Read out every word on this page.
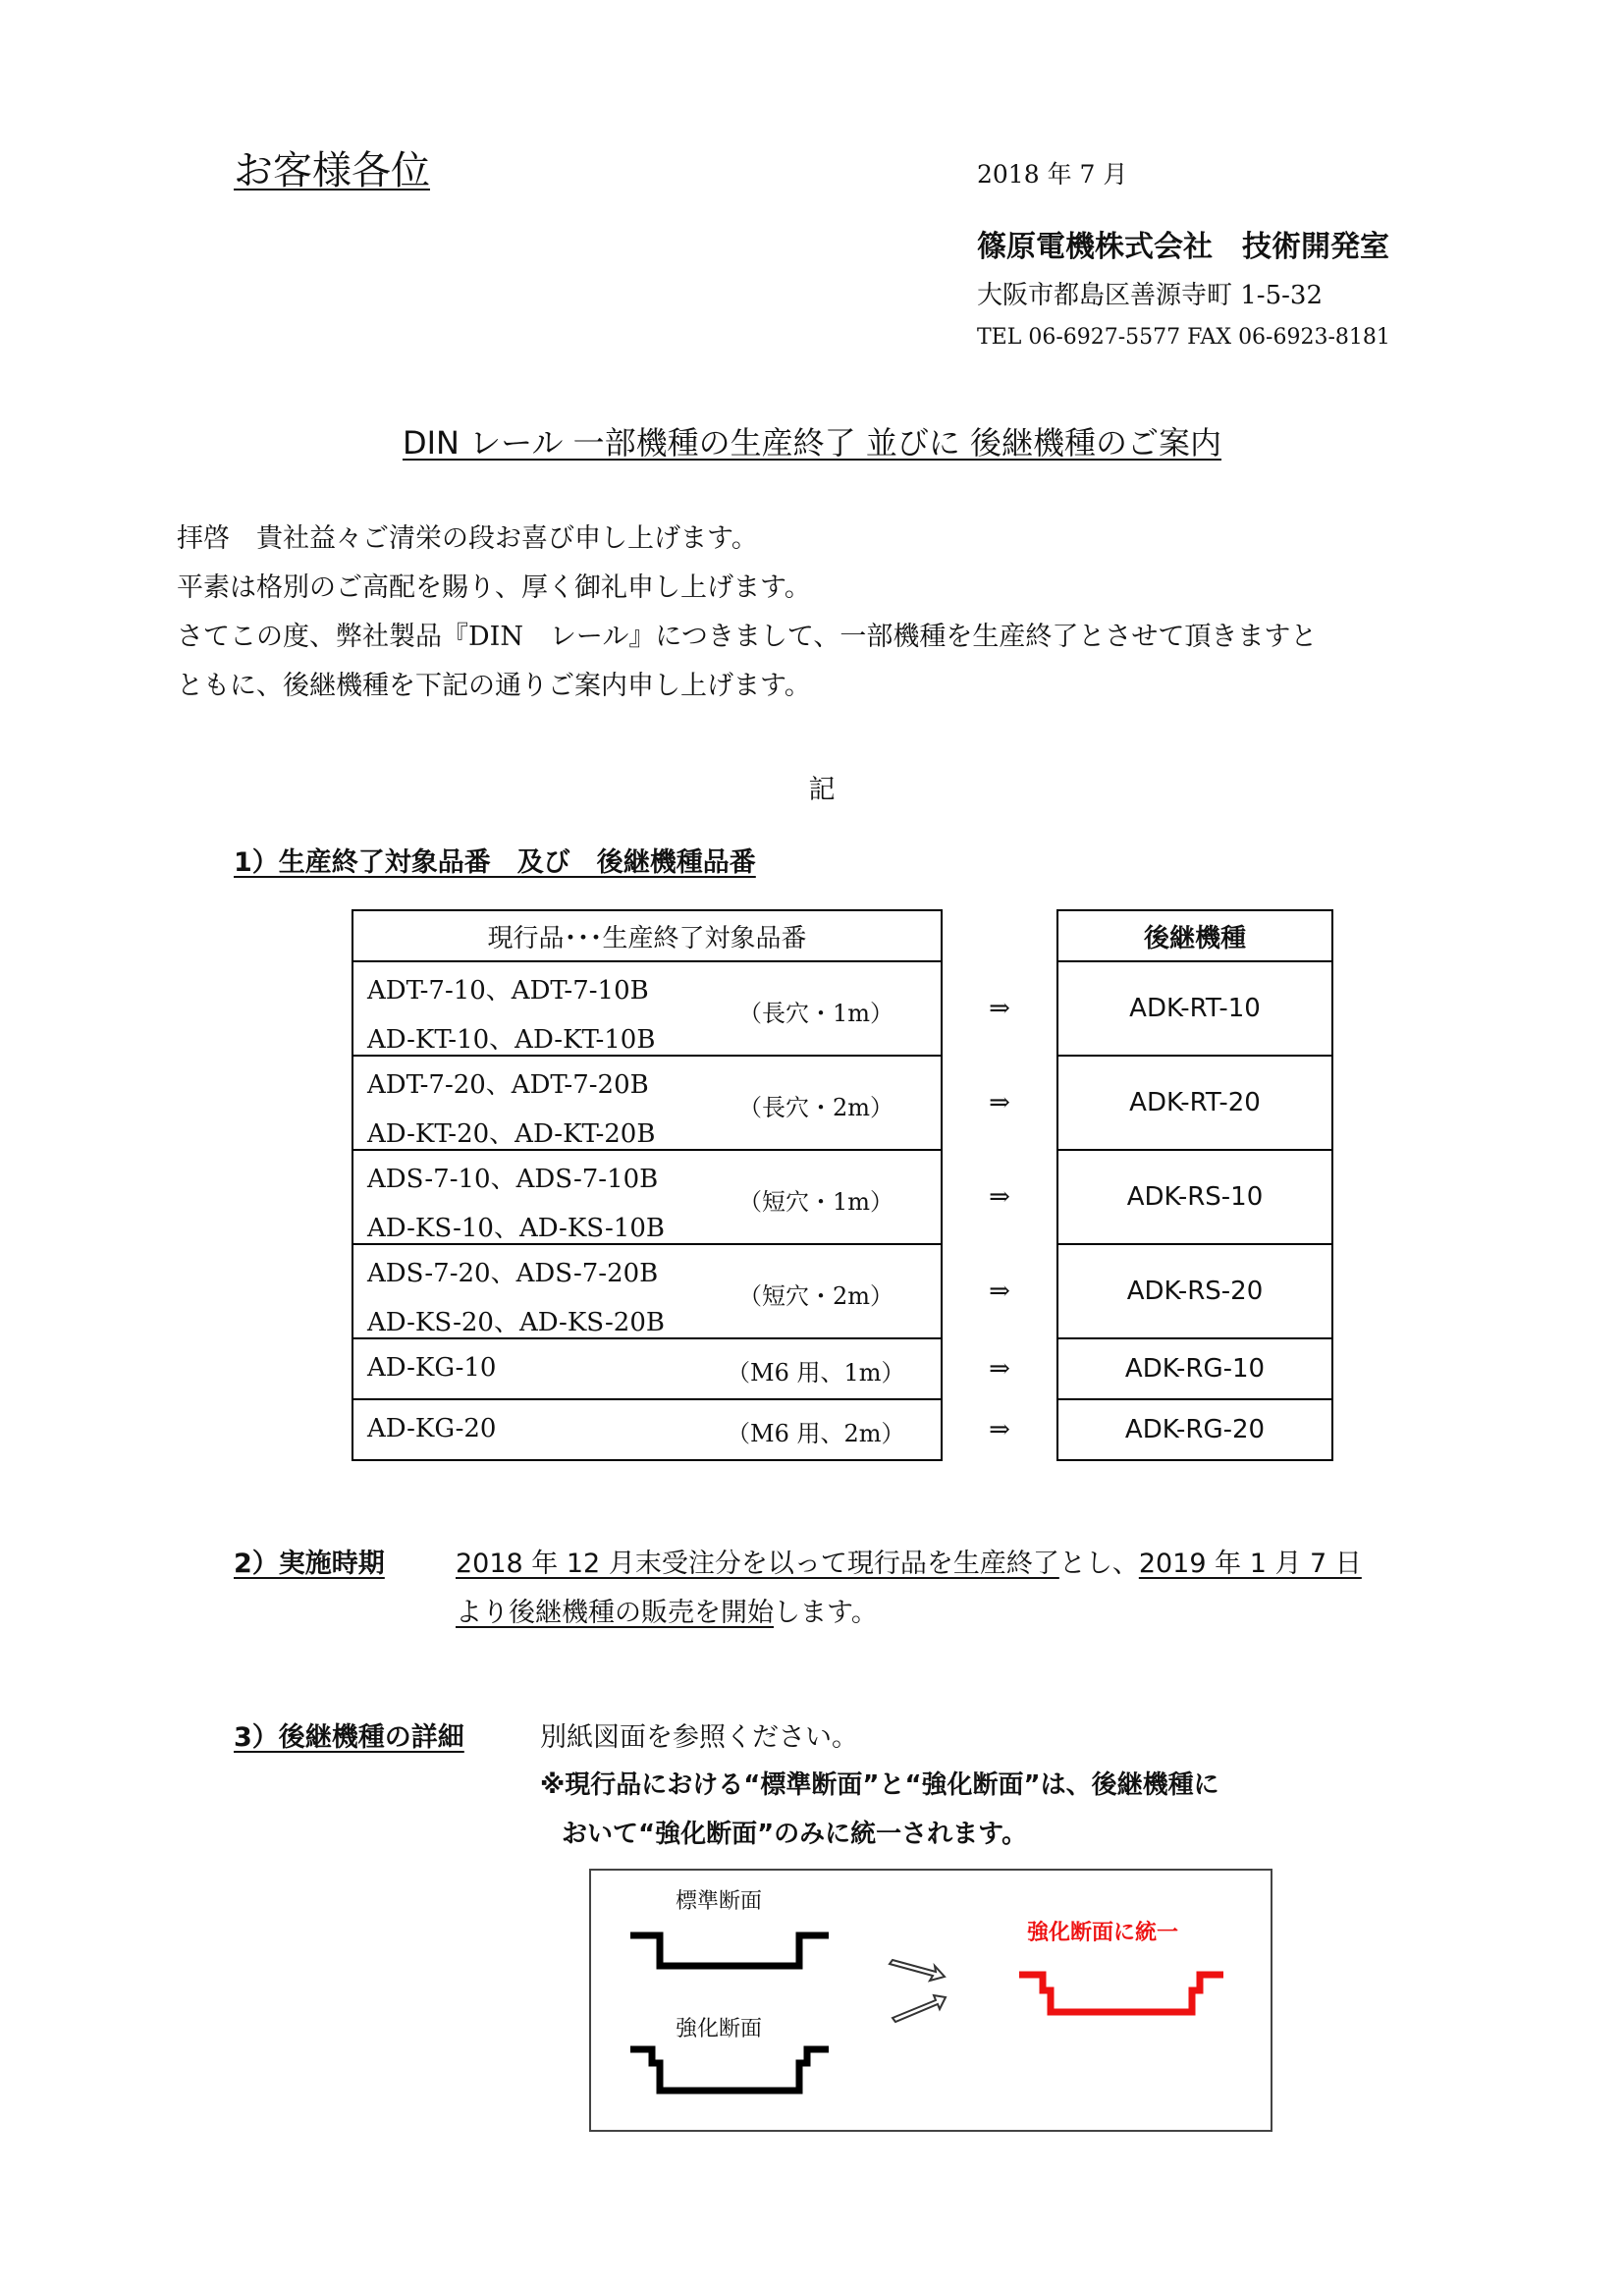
お客様各位	2018 年 7 月
篠原電機株式会社　技術開発室
大阪市都島区善源寺町 1-5-32
TEL 06-6927-5577 FAX 06-6923-8181
DIN レール 一部機種の生産終了 並びに 後継機種のご案内
拝啓　貴社益々ご清栄の段お喜び申し上げます。
平素は格別のご高配を賜り、厚く御礼申し上げます。
さてこの度、弊社製品『DIN　レール』につきまして、一部機種を生産終了とさせて頂きますと
ともに、後継機種を下記の通りご案内申し上げます。
記
1）生産終了対象品番　及び　後継機種品番
現行品･･･生産終了対象品番		後継機種

ADT-7-10、ADT-7-10B
AD-KT-10、AD-KT-10B
（長穴・1m）	⇒	ADK-RT-10

ADT-7-20、ADT-7-20B
AD-KT-20、AD-KT-20B
（長穴・2m）	⇒	ADK-RT-20

ADS-7-10、ADS-7-10B
AD-KS-10、AD-KS-10B
（短穴・1m）	⇒	ADK-RS-10

ADS-7-20、ADS-7-20B
AD-KS-20、AD-KS-20B
（短穴・2m）	⇒	ADK-RS-20

AD-KG-10 （M6 用、1m）	⇒	ADK-RG-10

AD-KG-20 （M6 用、2m）	⇒	ADK-RG-20
2）実施時期	2018 年 12 月末受注分を以って現行品を生産終了とし、2019 年 1 月 7 日
より後継機種の販売を開始します。
3）後継機種の詳細	別紙図面を参照ください。
※現行品における“標準断面”と“強化断面”は、後継機種に
おいて“強化断面”のみに統一されます。
標準断面
強化断面
強化断面に統一
